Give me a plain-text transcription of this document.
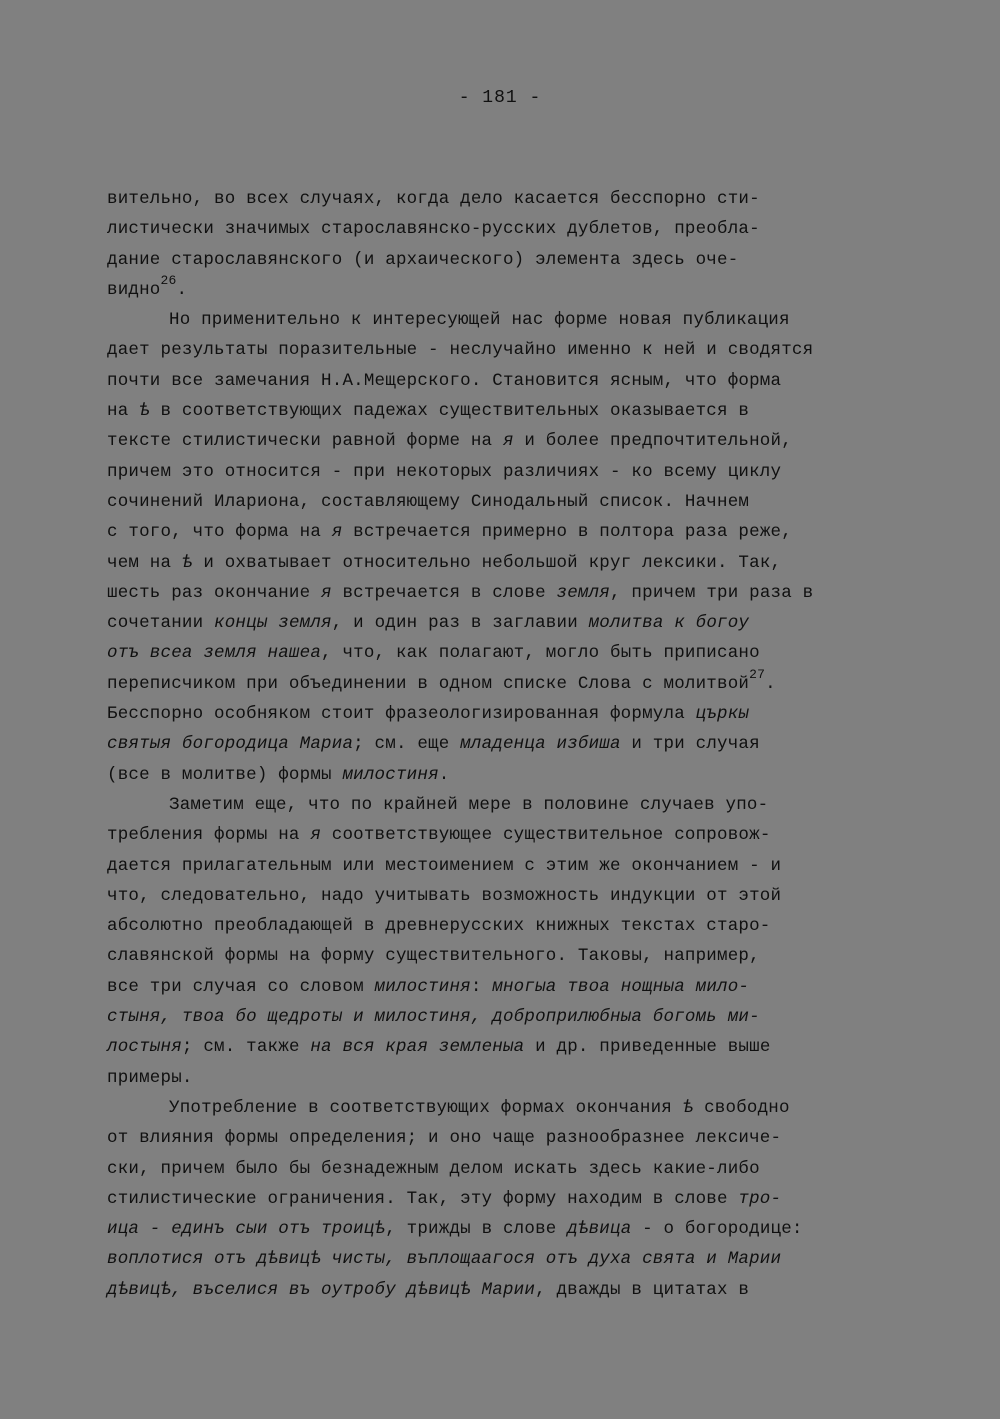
- 181 -
вительно, во всех случаях, когда дело касается бесспорно сти-
листически значимых старославянско-русских дублетов, преобла-
дание старославянского (и архаического) элемента здесь оче-
видно$^{26}$.
Но применительно к интересующей нас форме новая публикация
дает результаты поразительные - неслучайно именно к ней и сводятся
почти все замечания Н.А.Мещерского. Становится ясным, что форма
на ѣ в соответствующих падежах существительных оказывается в
тексте стилистически равной форме на я и более предпочтительной,
причем это относится - при некоторых различиях - ко всему циклу
сочинений Илариона, составляющему Синодальный список. Начнем
с того, что форма на я встречается примерно в полтора раза реже,
чем на ѣ и охватывает относительно небольшой круг лексики. Так,
шесть раз окончание я встречается в слове земля, причем три раза в
сочетании концы земля, и один раз в заглавии молитва к богоу
отъ всеа земля нашеа, что, как полагают, могло быть приписано
переписчиком при объединении в одном списке Слова с молитвой$^{27}$.
Бесспорно особняком стоит фразеологизированная формула църкы
святыя богородица Мариа; см. еще младенца избиша и три случая
(все в молитве) формы милостиня.
Заметим еще, что по крайней мере в половине случаев упо-
требления формы на я соответствующее существительное сопровож-
дается прилагательным или местоимением с этим же окончанием - и
что, следовательно, надо учитывать возможность индукции от этой
абсолютно преобладающей в древнерусских книжных текстах старо-
славянской формы на форму существительного. Таковы, например,
все три случая со словом милостиня: многыа твоа нощныа мило-
стыня, твоа бо щедроты и милостиня, доброприлюбныа богомь ми-
лостыня; см. также на вся края земленыа и др. приведенные выше
примеры.
Употребление в соответствующих формах окончания ѣ свободно
от влияния формы определения; и оно чаще разнообразнее лексиче-
ски, причем было бы безнадежным делом искать здесь какие-либо
стилистические ограничения. Так, эту форму находим в слове тро-
ица - единъ сыи отъ троицѣ, трижды в слове дѣвица - о богородице:
воплотися отъ дѣвицѣ чисты, въплощаагося отъ духа свята и Марии
дѣвицѣ, въселися въ оутробу дѣвицѣ Марии, дважды в цитатах в
